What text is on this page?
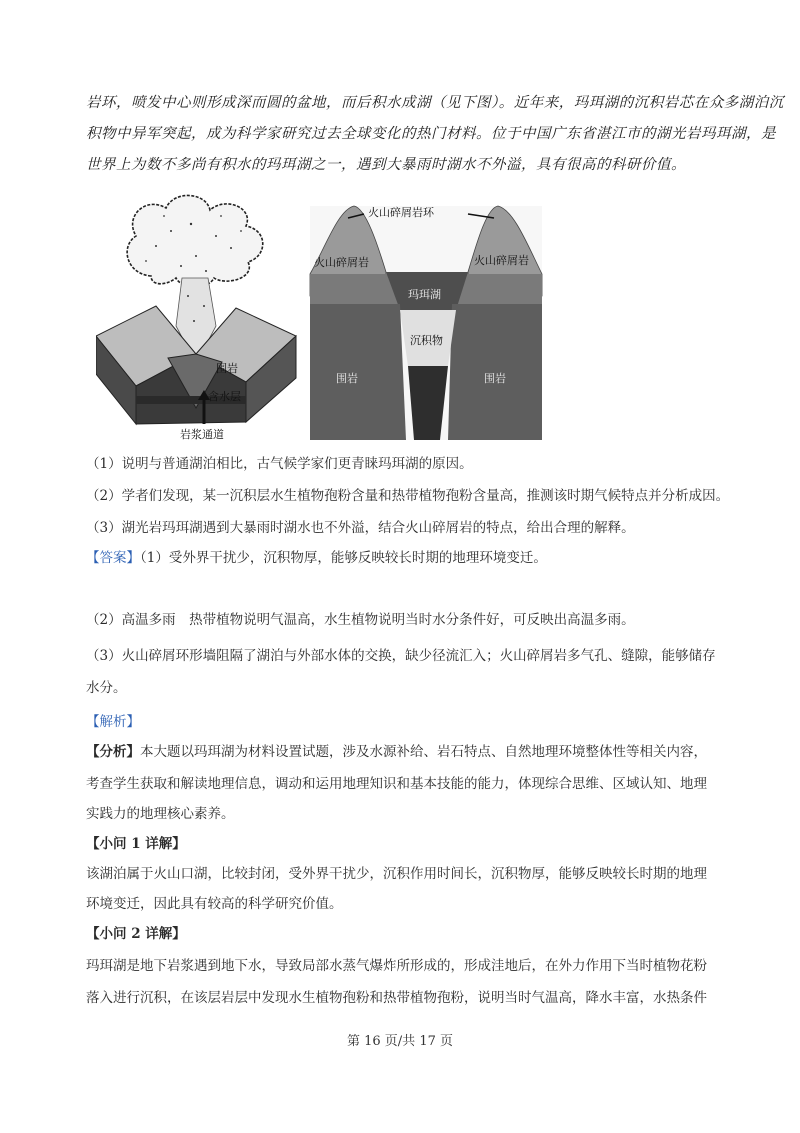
岩环，喷发中心则形成深而圆的盆地，而后积水成湖（见下图）。近年来，玛珥湖的沉积岩芯在众多湖泊沉

积物中异军突起，成为科学家研究过去全球变化的热门材料。位于中国广东省湛江市的湖光岩玛珥湖，是

世界上为数不多尚有积水的玛珥湖之一，遇到大暴雨时湖水不外溢，具有很高的科研价值。

围岩
含水层
岩浆通道
火山碎屑岩环
火山碎屑岩	火山碎屑岩
玛珥湖
沉积物
围岩	围岩
（1）说明与普通湖泊相比，古气候学家们更青睐玛珥湖的原因。
（2）学者们发现，某一沉积层水生植物孢粉含量和热带植物孢粉含量高，推测该时期气候特点并分析成因。
（3）湖光岩玛珥湖遇到大暴雨时湖水也不外溢，结合火山碎屑岩的特点，给出合理的解释。
【答案】（1）受外界干扰少，沉积物厚，能够反映较长时期的地理环境变迁。
（2）高温多雨　热带植物说明气温高，水生植物说明当时水分条件好，可反映出高温多雨。
（3）火山碎屑环形墙阻隔了湖泊与外部水体的交换，缺少径流汇入；火山碎屑岩多气孔、缝隙，能够储存
水分。
【解析】
【分析】本大题以玛珥湖为材料设置试题，涉及水源补给、岩石特点、自然地理环境整体性等相关内容，
考查学生获取和解读地理信息，调动和运用地理知识和基本技能的能力，体现综合思维、区域认知、地理
实践力的地理核心素养。
【小问 1 详解】
该湖泊属于火山口湖，比较封闭，受外界干扰少，沉积作用时间长，沉积物厚，能够反映较长时期的地理
环境变迁，因此具有较高的科学研究价值。
【小问 2 详解】
玛珥湖是地下岩浆遇到地下水，导致局部水蒸气爆炸所形成的，形成洼地后，在外力作用下当时植物花粉
落入进行沉积，在该层岩层中发现水生植物孢粉和热带植物孢粉，说明当时气温高，降水丰富，水热条件
第 16 页/共 17 页
